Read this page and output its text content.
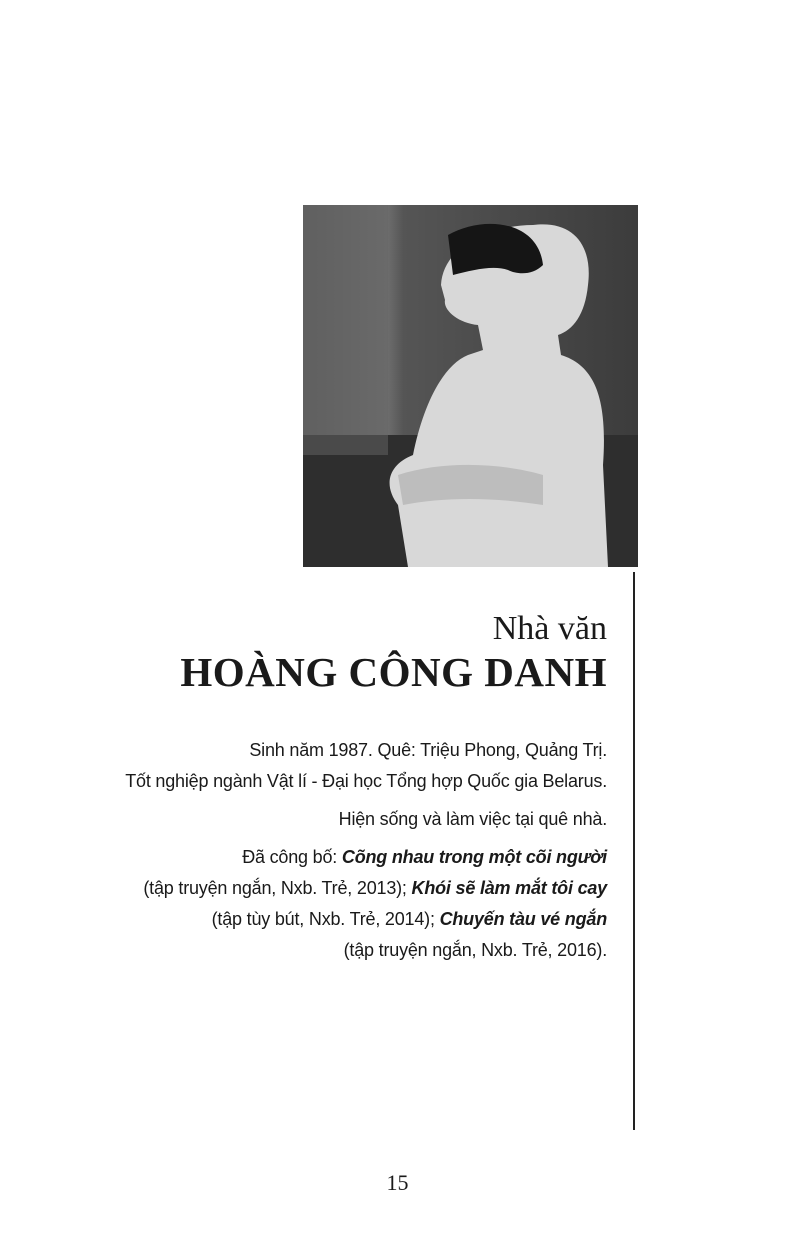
Nhà văn
HOÀNG CÔNG DANH

Sinh năm 1987. Quê: Triệu Phong, Quảng Trị.

Tốt nghiệp ngành Vật lí - Đại học Tổng hợp Quốc gia Belarus.

Hiện sống và làm việc tại quê nhà.

Đã công bố: Cõng nhau trong một cõi người

(tập truyện ngắn, Nxb. Trẻ, 2013); Khói sẽ làm mắt tôi cay

(tập tùy bút, Nxb. Trẻ, 2014); Chuyến tàu vé ngắn

(tập truyện ngắn, Nxb. Trẻ, 2016).

15
